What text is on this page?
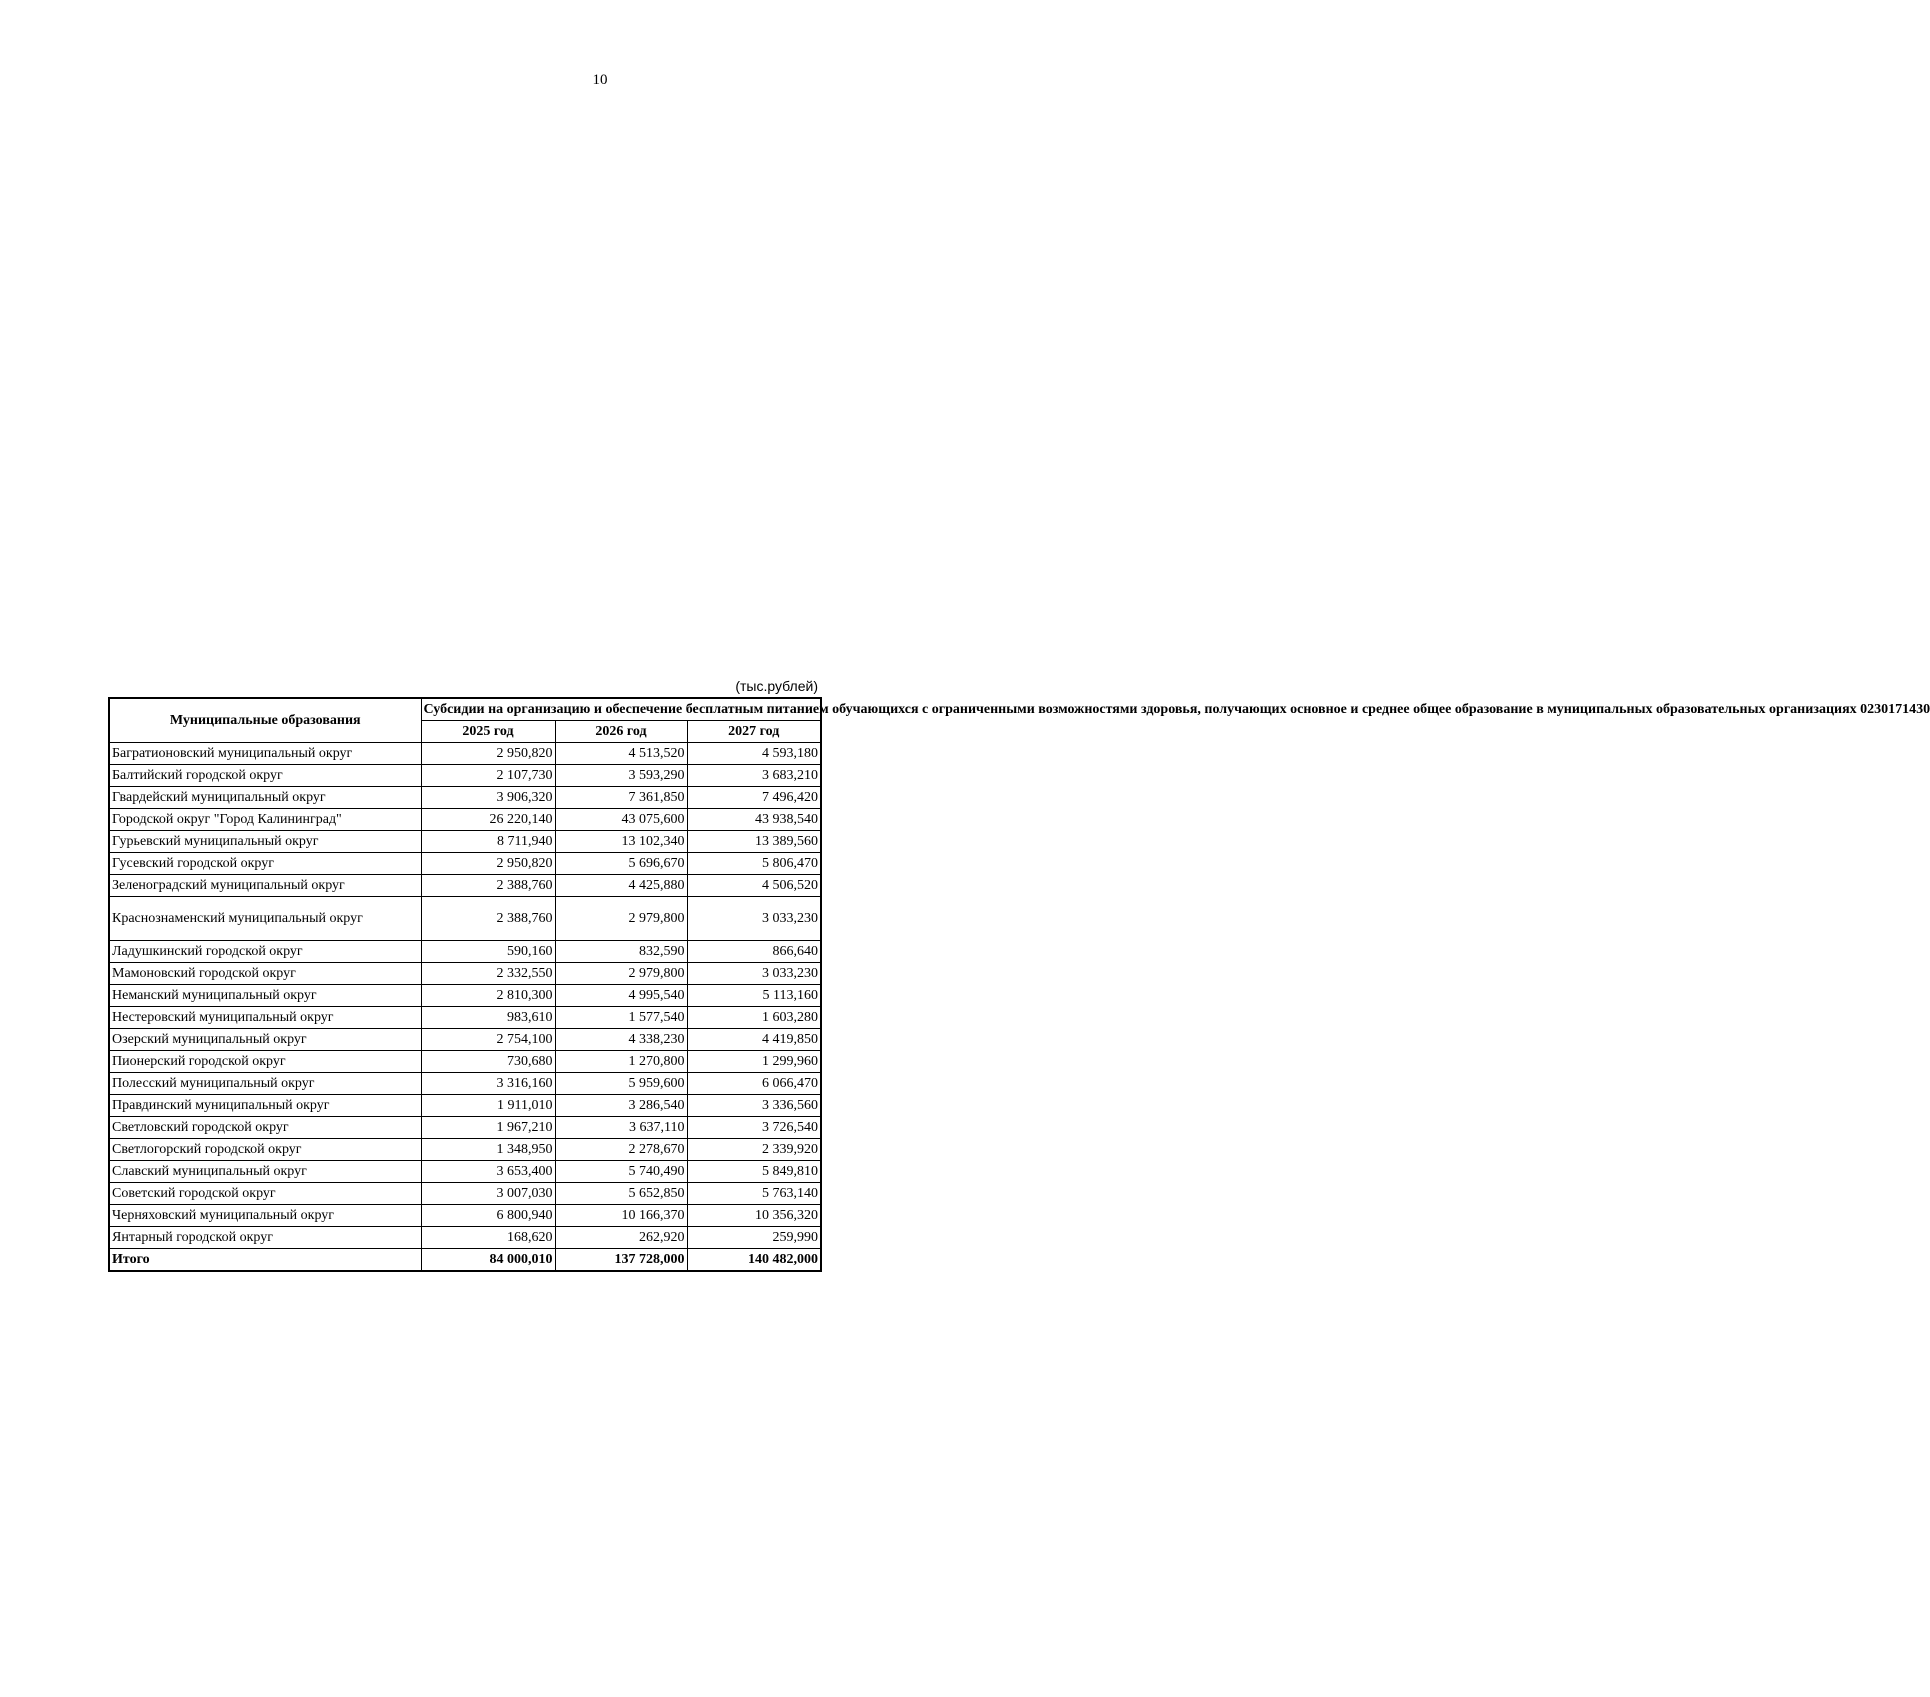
10
(тыс.рублей)
Муниципальные образования	Субсидии на организацию и обеспечение бесплатным питанием обучающихся с ограниченными возможностями здоровья, получающих основное и среднее общее образование в муниципальных образовательных организациях 0230171430		
	2025 год	2026 год	2027 год
Багратионовский муниципальный округ	2 950,820	4 513,520	4 593,180
Балтийский городской округ	2 107,730	3 593,290	3 683,210
Гвардейский муниципальный округ	3 906,320	7 361,850	7 496,420
Городской округ "Город Калининград"	26 220,140	43 075,600	43 938,540
Гурьевский муниципальный округ	8 711,940	13 102,340	13 389,560
Гусевский городской округ	2 950,820	5 696,670	5 806,470
Зеленоградский муниципальный округ	2 388,760	4 425,880	4 506,520
Краснознаменский муниципальный округ	2 388,760	2 979,800	3 033,230
Ладушкинский городской округ	590,160	832,590	866,640
Мамоновский городской округ	2 332,550	2 979,800	3 033,230
Неманский муниципальный округ	2 810,300	4 995,540	5 113,160
Нестеровский муниципальный округ	983,610	1 577,540	1 603,280
Озерский муниципальный округ	2 754,100	4 338,230	4 419,850
Пионерский городской округ	730,680	1 270,800	1 299,960
Полесский муниципальный округ	3 316,160	5 959,600	6 066,470
Правдинский муниципальный округ	1 911,010	3 286,540	3 336,560
Светловский городской округ	1 967,210	3 637,110	3 726,540
Светлогорский городской округ	1 348,950	2 278,670	2 339,920
Славский муниципальный округ	3 653,400	5 740,490	5 849,810
Советский городской округ	3 007,030	5 652,850	5 763,140
Черняховский муниципальный округ	6 800,940	10 166,370	10 356,320
Янтарный городской округ	168,620	262,920	259,990
Итого	84 000,010	137 728,000	140 482,000
